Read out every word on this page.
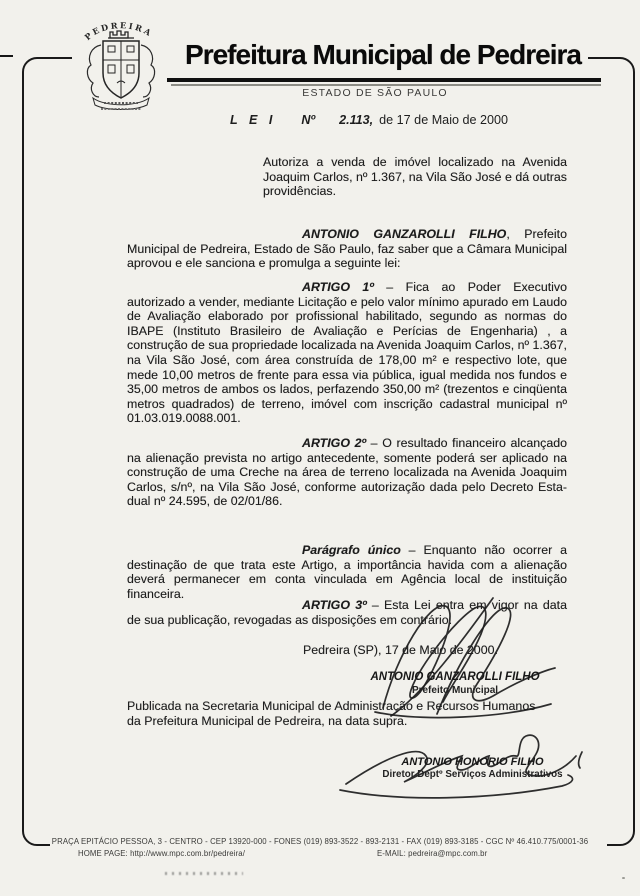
PEDREIRA
Prefeitura Municipal de Pedreira
ESTADO DE SÃO PAULO
L E I Nº 2.113, de 17 de Maio de 2000
Autoriza a venda de imóvel localizado na Avenida Joaquim Carlos, nº 1.367, na Vila São José e dá outras providências.
ANTONIO GANZAROLLI FILHO, Prefeito Municipal de Pedreira, Estado de São Paulo, faz saber que a Câmara Municipal aprovou e ele sanciona e promulga a seguinte lei:
ARTIGO 1º – Fica ao Poder Executivo autorizado a vender, mediante Licitação e pelo valor mínimo apurado em Laudo de Avaliação elaborado por profissional habilitado, segundo as normas do IBAPE (Instituto Brasileiro de Avaliação e Perícias de Engenharia) , a construção de sua propriedade localizada na Avenida Joaquim Carlos, nº 1.367, na Vila São José, com área construída de 178,00 m² e respectivo lote, que mede 10,00 metros de frente para essa via pública, igual medida nos fundos e 35,00 metros de ambos os lados, perfazendo 350,00 m² (trezentos e cinqüenta metros quadrados) de terreno, imóvel com inscrição cadastral municipal nº 01.03.019.0088.001.
ARTIGO 2º – O resultado financeiro alcançado na alienação prevista no artigo antecedente, somente poderá ser aplicado na construção de uma Creche na área de terreno localizada na Avenida Joaquim Carlos, s/nº, na Vila São José, conforme autorização dada pelo Decreto Estadual nº 24.595, de 02/01/86.
Parágrafo único – Enquanto não ocorrer a destinação de que trata este Artigo, a importância havida com a alienação deverá permanecer em conta vinculada em Agência local de instituição financeira.
ARTIGO 3º – Esta Lei entra em vigor na data de sua publicação, revogadas as disposições em contrário.
Pedreira (SP), 17 de Maio de 2000.
ANTONIO GANZAROLLI FILHO
Prefeito Municipal
Publicada na Secretaria Municipal de Administração e Recursos Humanos
da Prefeitura Municipal de Pedreira, na data supra.
ANTONIO HONORIO FILHO
Diretor Deptº Serviços Administrativos
PRAÇA EPITÁCIO PESSOA, 3 - CENTRO - CEP 13920-000 - FONES (019) 893-3522 - 893-2131 - FAX (019) 893-3185 - CGC Nº 46.410.775/0001-36
HOME PAGE: http://www.mpc.com.br/pedreira/	E-MAIL: pedreira@mpc.com.br
